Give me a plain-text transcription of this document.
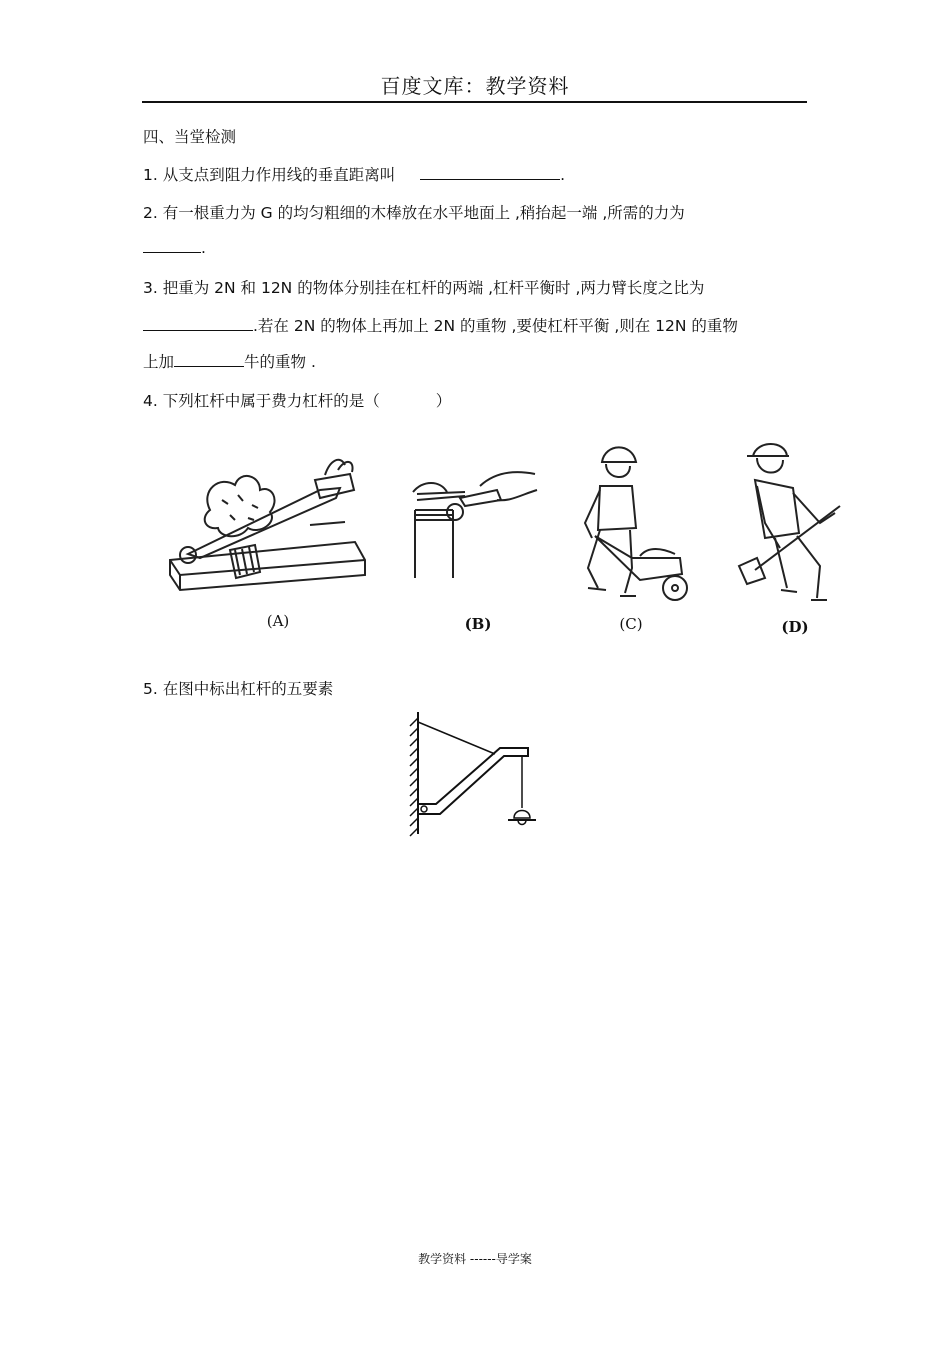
百度文库：教学资料
四、当堂检测
1. 从支点到阻力作用线的垂直距离叫	.
2. 有一根重力为 G 的均匀粗细的木棒放在水平地面上 ,稍抬起一端 ,所需的力为
.
3. 把重为 2N 和 12N 的物体分别挂在杠杆的两端 ,杠杆平衡时 ,两力臂长度之比为
.若在 2N 的物体上再加上 2N 的重物 ,要使杠杆平衡 ,则在 12N 的重物
上加	牛的重物 .
4. 下列杠杆中属于费力杠杆的是（	）
(A)	(B)	(C)	(D)
5. 在图中标出杠杆的五要素
教学资料 ------导学案
